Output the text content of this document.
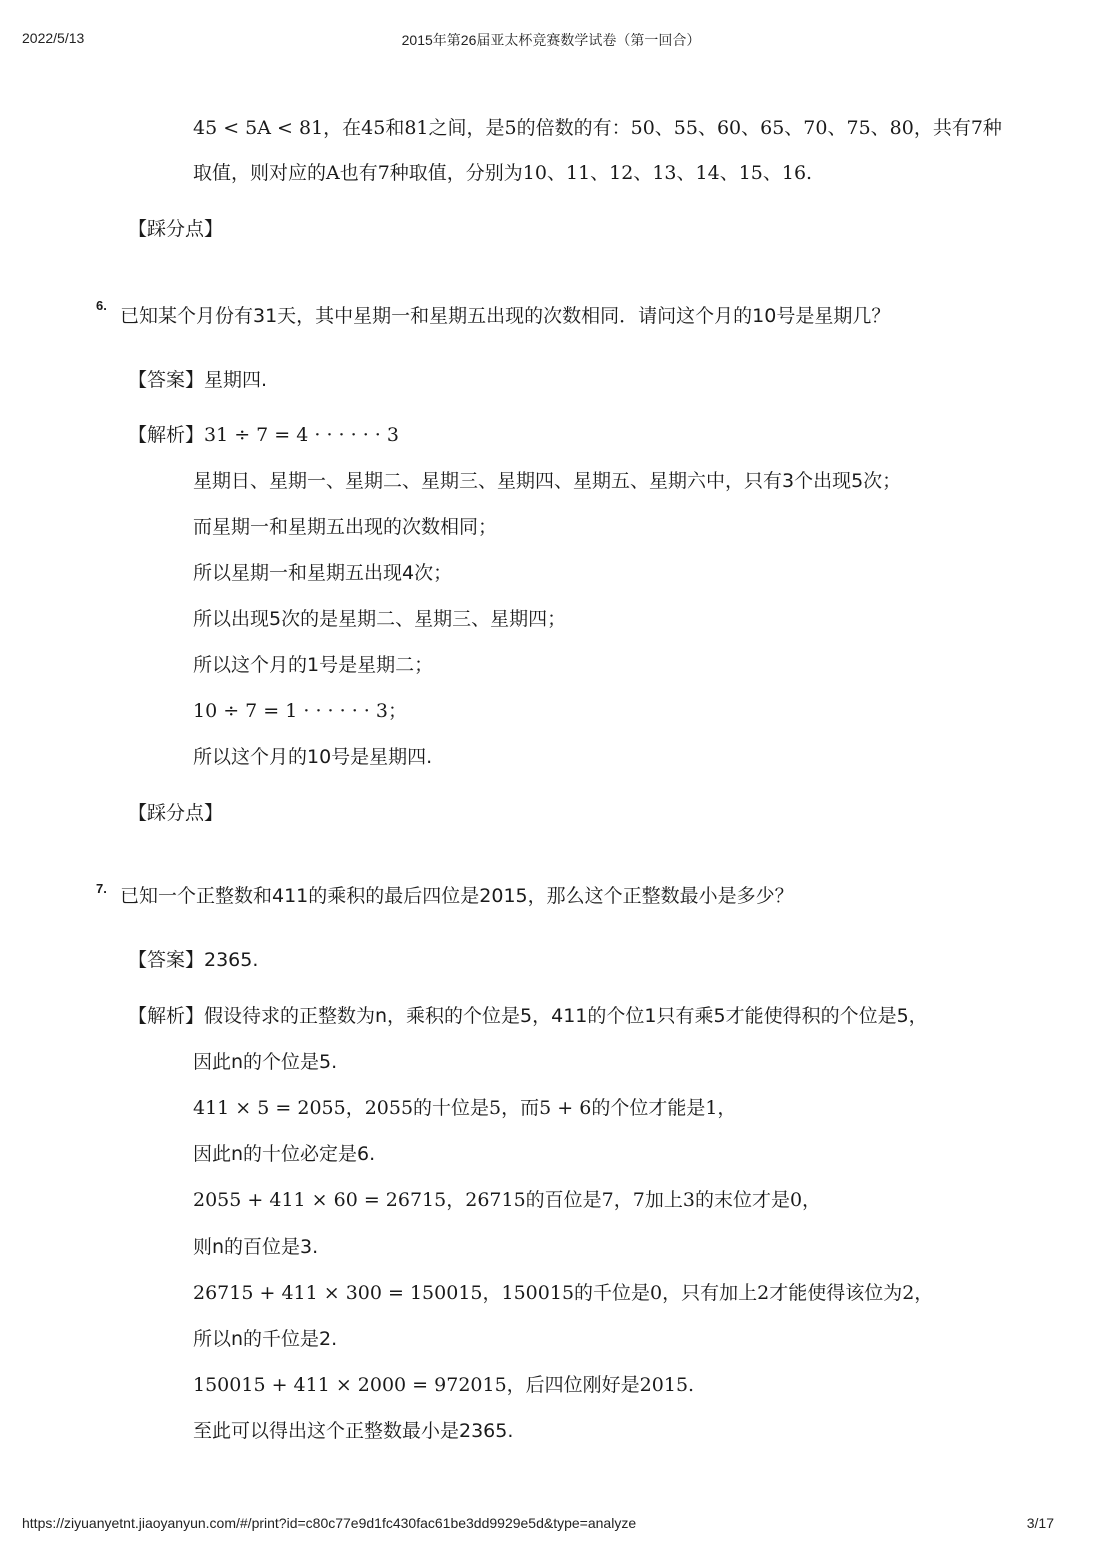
2022/5/13	2015年第26届亚太杯竞赛数学试卷（第一回合）
45 < 5A < 81，在45和81之间，是5的倍数的有：50、55、60、65、70、75、80，共有7种
取值，则对应的A也有7种取值，分别为10、11、12、13、14、15、16.
【踩分点】
6. 已知某个月份有31天，其中星期一和星期五出现的次数相同．请问这个月的10号是星期几？
【答案】星期四.
【解析】31 ÷ 7 = 4 · · · · · · 3
星期日、星期一、星期二、星期三、星期四、星期五、星期六中，只有3个出现5次；
而星期一和星期五出现的次数相同；
所以星期一和星期五出现4次；
所以出现5次的是星期二、星期三、星期四；
所以这个月的1号是星期二；
10 ÷ 7 = 1 · · · · · · 3；
所以这个月的10号是星期四.
【踩分点】
7. 已知一个正整数和411的乘积的最后四位是2015，那么这个正整数最小是多少？
【答案】2365.
【解析】假设待求的正整数为n，乘积的个位是5，411的个位1只有乘5才能使得积的个位是5，
因此n的个位是5.
411 × 5 = 2055，2055的十位是5，而5 + 6的个位才能是1，
因此n的十位必定是6.
2055 + 411 × 60 = 26715，26715的百位是7，7加上3的末位才是0，
则n的百位是3.
26715 + 411 × 300 = 150015，150015的千位是0，只有加上2才能使得该位为2，
所以n的千位是2.
150015 + 411 × 2000 = 972015，后四位刚好是2015.
至此可以得出这个正整数最小是2365.
https://ziyuanyetnt.jiaoyanyun.com/#/print?id=c80c77e9d1fc430fac61be3dd9929e5d&type=analyze	3/17
